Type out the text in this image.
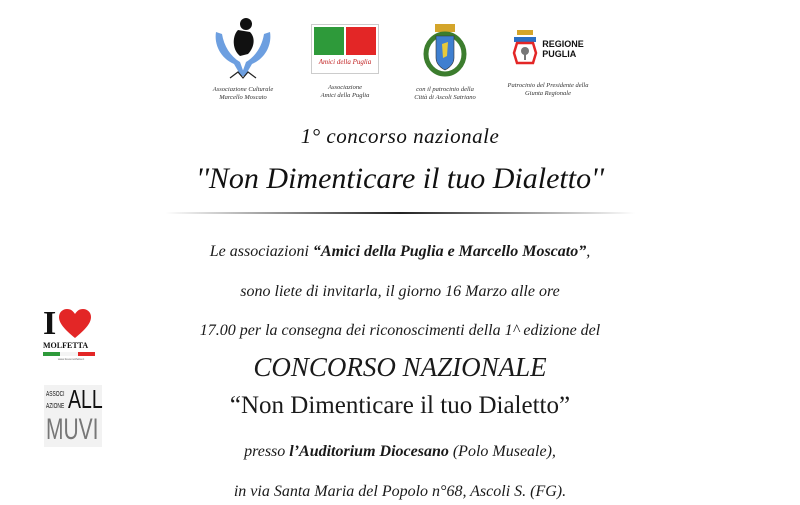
Associazione Culturale
Marcello Moscato
Amici della Puglia
Associazione
Amici della Puglia
con il patrocinio della
Città di Ascoli Satriano
REGIONE
PUGLIA
Patrocinio del Presidente della
Giunta Regionale
1° concorso nazionale
''Non Dimenticare il tuo Dialetto''
Le associazioni “Amici della Puglia e Marcello Moscato”,
sono liete di invitarla, il giorno 16 Marzo alle ore
17.00 per la consegna dei riconoscimenti della 1^ edizione del
CONCORSO NAZIONALE
“Non Dimenticare il tuo Dialetto”
presso l’Auditorium Diocesano (Polo Museale),
in via Santa Maria del Popolo n°68, Ascoli S. (FG).
I
MOLFETTA
www.ilovemolfetta.it
ASSOCI
AZIONE ALL
MUVI
